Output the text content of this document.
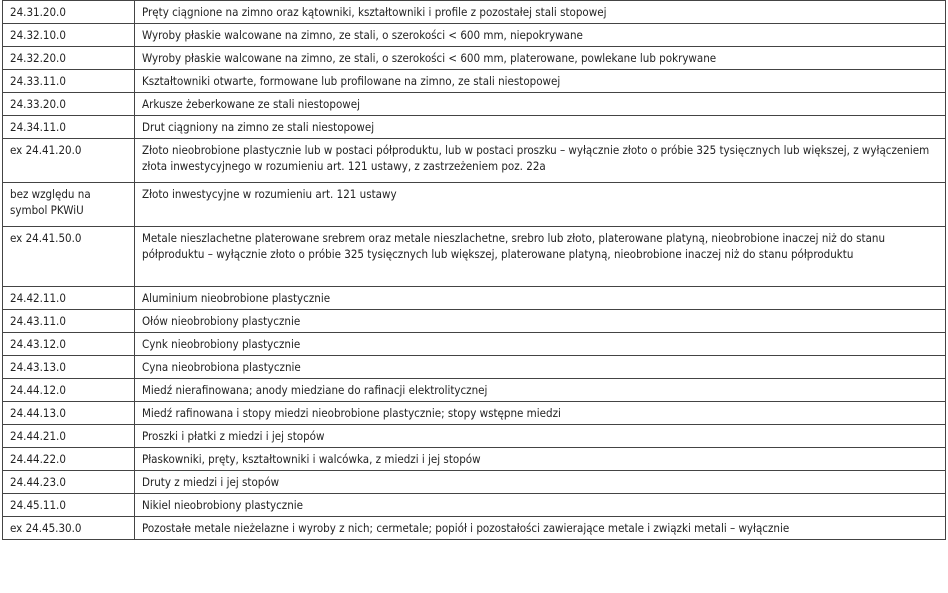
24.31.20.0	Pręty ciągnione na zimno oraz kątowniki, kształtowniki i profile z pozostałej stali stopowej
24.32.10.0	Wyroby płaskie walcowane na zimno, ze stali, o szerokości < 600 mm, niepokrywane
24.32.20.0	Wyroby płaskie walcowane na zimno, ze stali, o szerokości < 600 mm, platerowane, powlekane lub pokrywane
24.33.11.0	Kształtowniki otwarte, formowane lub profilowane na zimno, ze stali niestopowej
24.33.20.0	Arkusze żeberkowane ze stali niestopowej
24.34.11.0	Drut ciągniony na zimno ze stali niestopowej
ex 24.41.20.0	Złoto nieobrobione plastycznie lub w postaci półproduktu, lub w postaci proszku – wyłącznie złoto o próbie 325 tysięcznych lub większej, z wyłączeniem złota inwestycyjnego w rozumieniu art. 121 ustawy, z zastrzeżeniem poz. 22a
bez względu na symbol PKWiU	Złoto inwestycyjne w rozumieniu art. 121 ustawy
ex 24.41.50.0	Metale nieszlachetne platerowane srebrem oraz metale nieszlachetne, srebro lub złoto, platerowane platyną, nieobrobione inaczej niż do stanu półproduktu – wyłącznie złoto o próbie 325 tysięcznych lub większej, platerowane platyną, nieobrobione inaczej niż do stanu półproduktu
24.42.11.0	Aluminium nieobrobione plastycznie
24.43.11.0	Ołów nieobrobiony plastycznie
24.43.12.0	Cynk nieobrobiony plastycznie
24.43.13.0	Cyna nieobrobiona plastycznie
24.44.12.0	Miedź nierafinowana; anody miedziane do rafinacji elektrolitycznej
24.44.13.0	Miedź rafinowana i stopy miedzi nieobrobione plastycznie; stopy wstępne miedzi
24.44.21.0	Proszki i płatki z miedzi i jej stopów
24.44.22.0	Płaskowniki, pręty, kształtowniki i walcówka, z miedzi i jej stopów
24.44.23.0	Druty z miedzi i jej stopów
24.45.11.0	Nikiel nieobrobiony plastycznie
ex 24.45.30.0	Pozostałe metale nieżelazne i wyroby z nich; cermetale; popiół i pozostałości zawierające metale i związki metali – wyłącznie
